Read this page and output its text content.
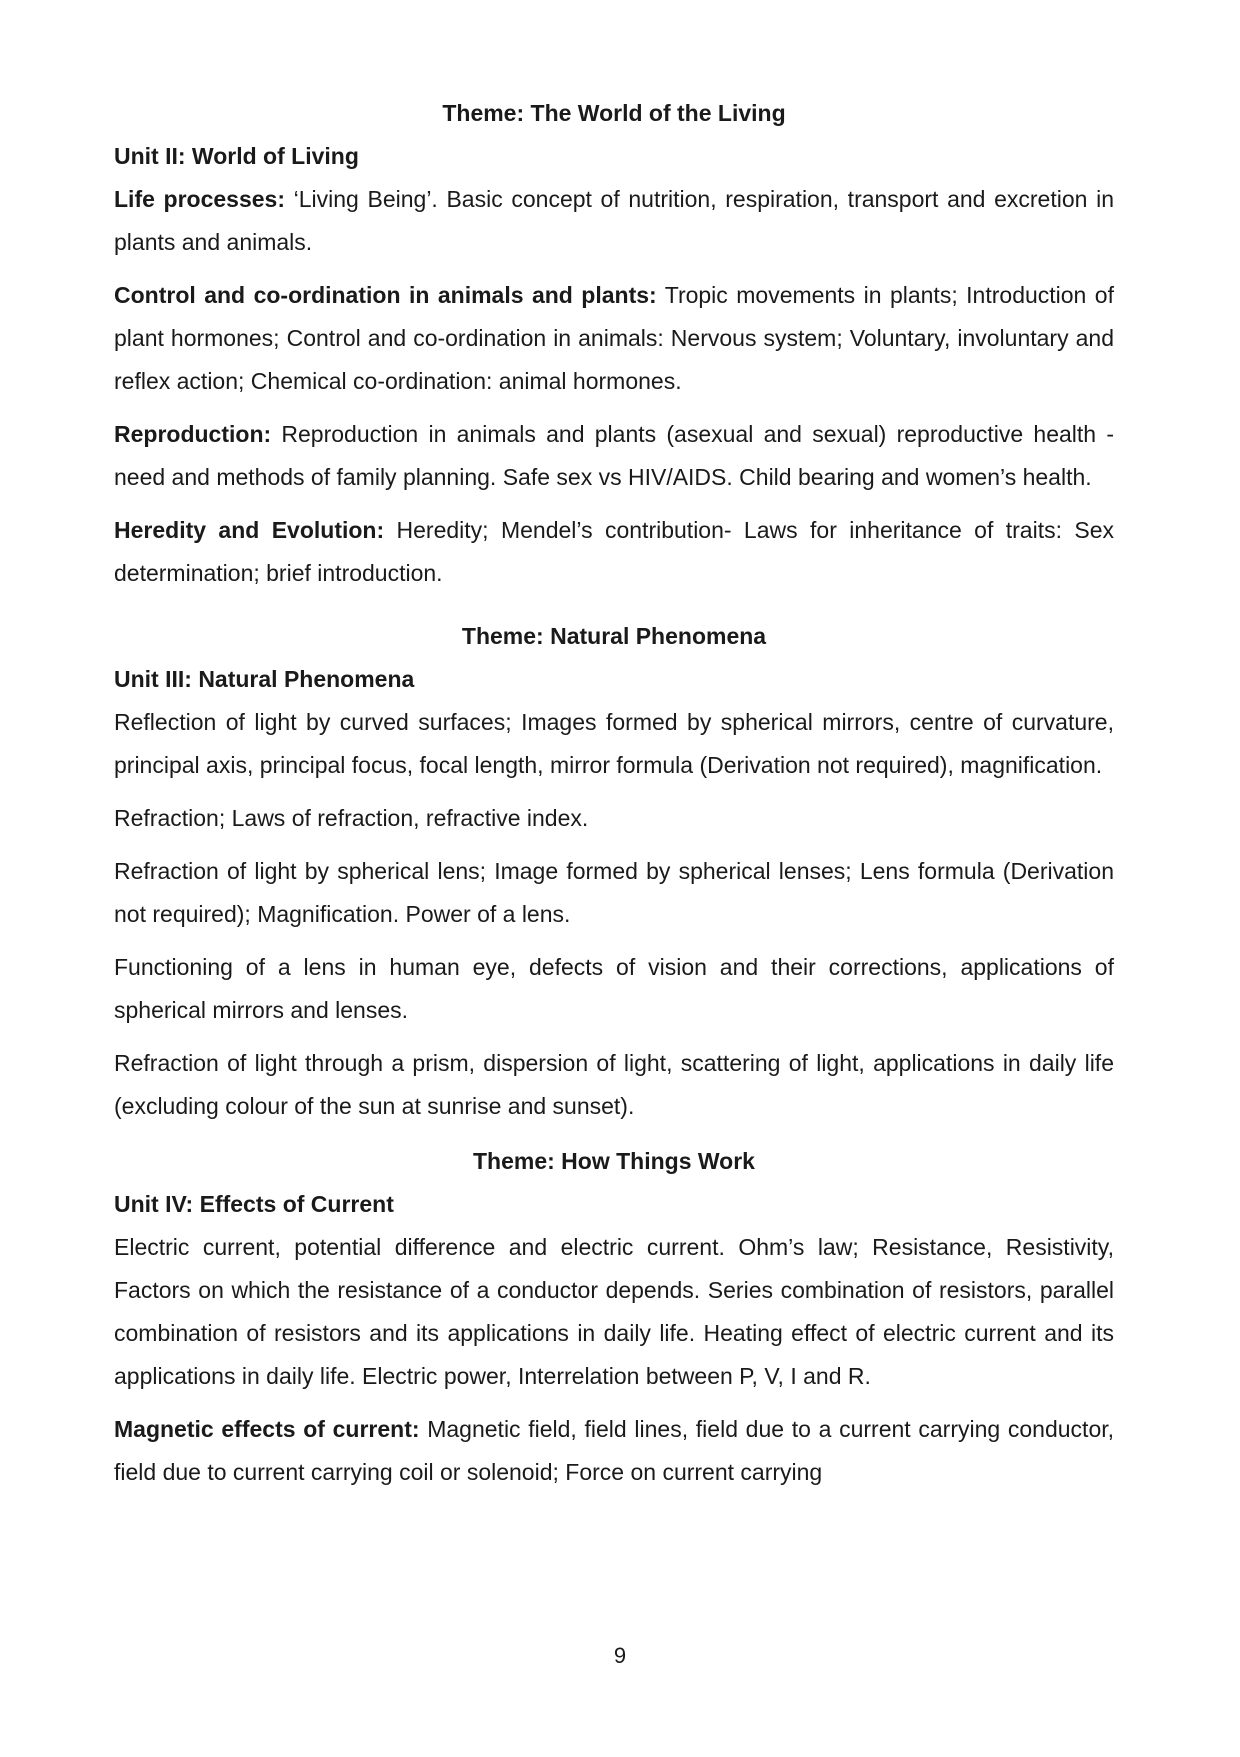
Theme: The World of the Living
Unit II: World of Living

Life processes: ‘Living Being’. Basic concept of nutrition, respiration, transport and excretion in plants and animals.

Control and co-ordination in animals and plants: Tropic movements in plants; Introduction of plant hormones; Control and co-ordination in animals: Nervous system; Voluntary, involuntary and reflex action; Chemical co-ordination: animal hormones.

Reproduction: Reproduction in animals and plants (asexual and sexual) reproductive health - need and methods of family planning. Safe sex vs HIV/AIDS. Child bearing and women’s health.

Heredity and Evolution: Heredity; Mendel’s contribution- Laws for inheritance of traits: Sex determination; brief introduction.

Theme: Natural Phenomena
Unit III: Natural Phenomena

Reflection of light by curved surfaces; Images formed by spherical mirrors, centre of curvature, principal axis, principal focus, focal length, mirror formula (Derivation not required), magnification.

Refraction; Laws of refraction, refractive index.

Refraction of light by spherical lens; Image formed by spherical lenses; Lens formula (Derivation not required); Magnification. Power of a lens.

Functioning of a lens in human eye, defects of vision and their corrections, applications of spherical mirrors and lenses.

Refraction of light through a prism, dispersion of light, scattering of light, applications in daily life (excluding colour of the sun at sunrise and sunset).

Theme: How Things Work
Unit IV: Effects of Current

Electric current, potential difference and electric current. Ohm’s law; Resistance, Resistivity, Factors on which the resistance of a conductor depends. Series combination of resistors, parallel combination of resistors and its applications in daily life. Heating effect of electric current and its applications in daily life. Electric power, Interrelation between P, V, I and R.

Magnetic effects of current: Magnetic field, field lines, field due to a current carrying conductor, field due to current carrying coil or solenoid; Force on current carrying

9
